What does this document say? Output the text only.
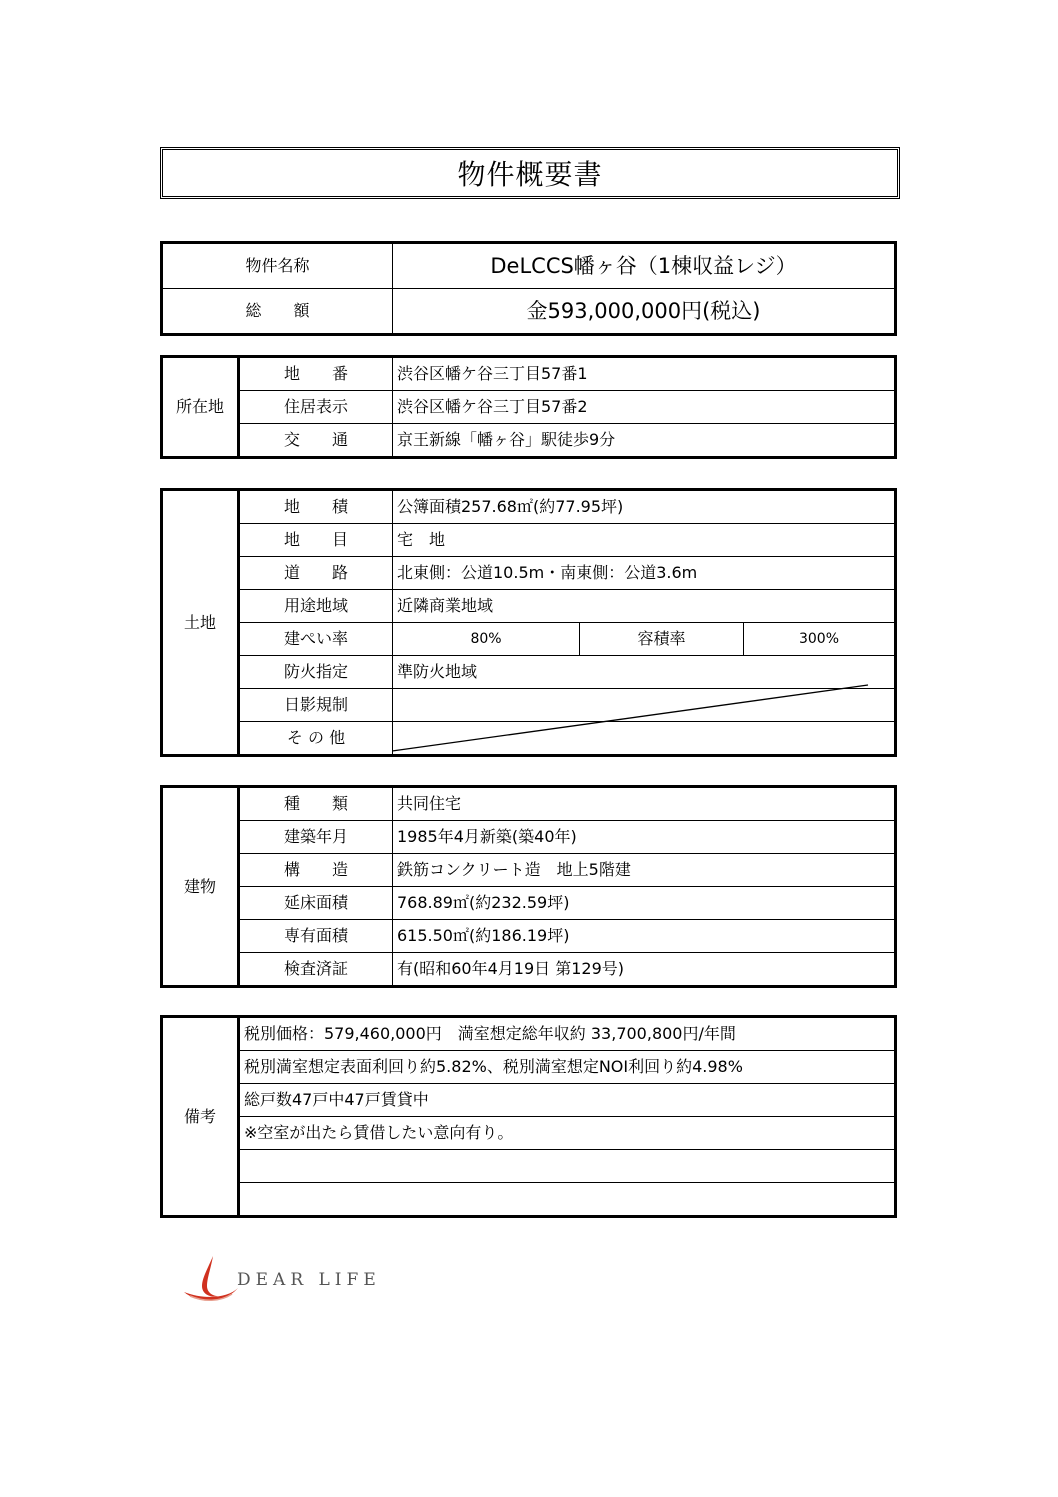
物件概要書
物件名称	DeLCCS幡ヶ谷（1棟収益レジ）
総　　額	金593,000,000円(税込)
所在地	地　　番	渋谷区幡ケ谷三丁目57番1
	住居表示	渋谷区幡ケ谷三丁目57番2
	交　　通	京王新線「幡ヶ谷」駅徒歩9分
土地	地　　積	公簿面積257.68㎡(約77.95坪)		
	地　　目	宅　地		
	道　　路	北東側：公道10.5m・南東側：公道3.6m		
	用途地域	近隣商業地域		
	建ぺい率	80%	容積率	300%
	防火指定	準防火地域		
	日影規制			
	そ の 他			
建物	種　　類	共同住宅
	建築年月	1985年4月新築(築40年)
	構　　造	鉄筋コンクリート造　地上5階建
	延床面積	768.89㎡(約232.59坪)
	専有面積	615.50㎡(約186.19坪)
	検査済証	有(昭和60年4月19日 第129号)
備考	税別価格：579,460,000円　満室想定総年収約 33,700,800円/年間
税別満室想定表面利回り約5.82%、税別満室想定NOI利回り約4.98%
総戸数47戸中47戸賃貸中
※空室が出たら賃借したい意向有り。

DEAR LIFE
